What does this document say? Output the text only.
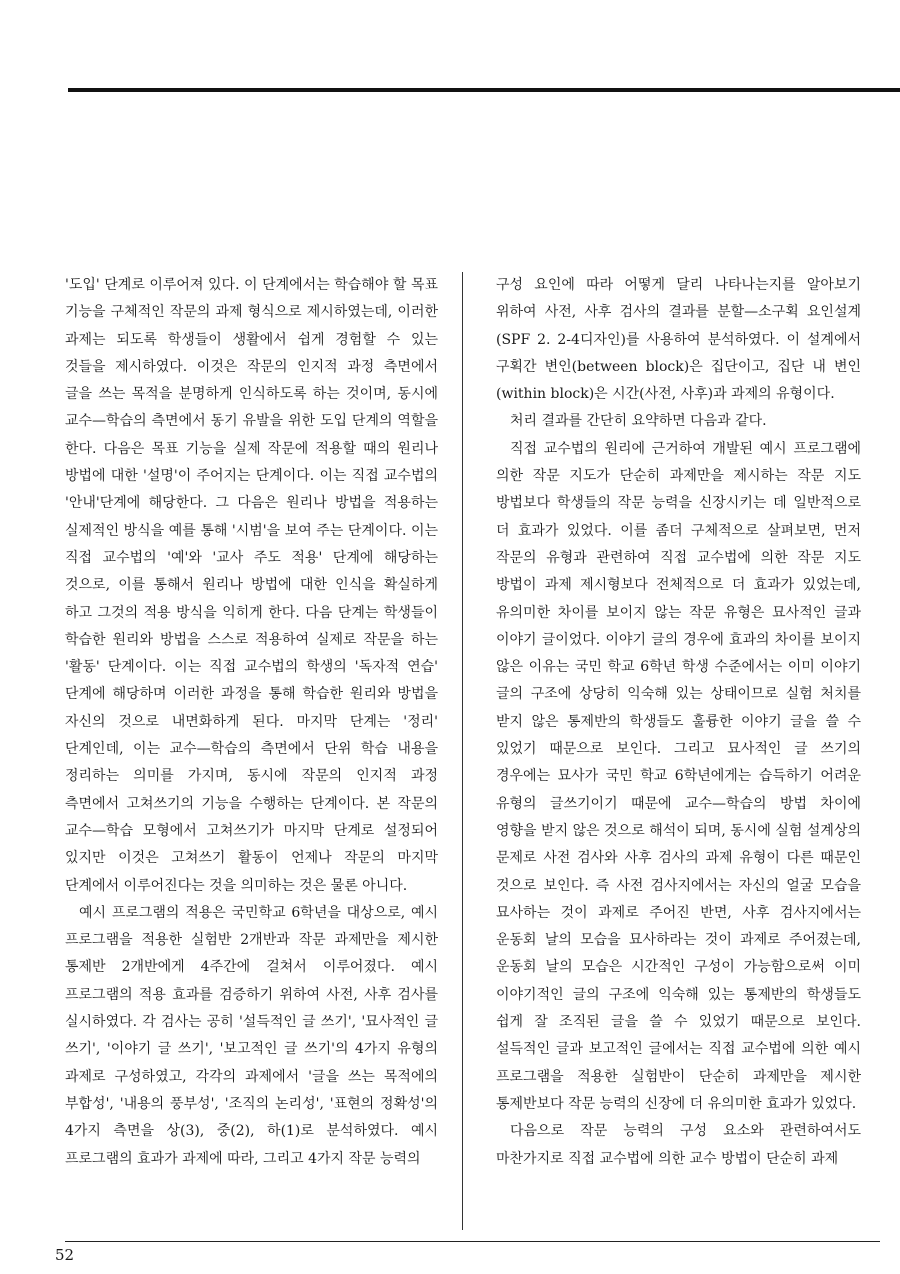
'도입' 단계로 이루어져 있다. 이 단계에서는 학습해야 할 목표 기능을 구체적인 작문의 과제 형식으로 제시하였는데, 이러한 과제는 되도록 학생들이 생활에서 쉽게 경험할 수 있는 것들을 제시하였다. 이것은 작문의 인지적 과정 측면에서 글을 쓰는 목적을 분명하게 인식하도록 하는 것이며, 동시에 교수—학습의 측면에서 동기 유발을 위한 도입 단계의 역할을 한다. 다음은 목표 기능을 실제 작문에 적용할 때의 원리나 방법에 대한 '설명'이 주어지는 단계이다. 이는 직접 교수법의 '안내'단계에 해당한다. 그 다음은 원리나 방법을 적용하는 실제적인 방식을 예를 통해 '시범'을 보여 주는 단계이다. 이는 직접 교수법의 '예'와 '교사 주도 적용' 단계에 해당하는 것으로, 이를 통해서 원리나 방법에 대한 인식을 확실하게 하고 그것의 적용 방식을 익히게 한다. 다음 단계는 학생들이 학습한 원리와 방법을 스스로 적용하여 실제로 작문을 하는 '활동' 단계이다. 이는 직접 교수법의 학생의 '독자적 연습' 단계에 해당하며 이러한 과정을 통해 학습한 원리와 방법을 자신의 것으로 내면화하게 된다. 마지막 단계는 '정리' 단계인데, 이는 교수—학습의 측면에서 단위 학습 내용을 정리하는 의미를 가지며, 동시에 작문의 인지적 과정 측면에서 고쳐쓰기의 기능을 수행하는 단계이다. 본 작문의 교수—학습 모형에서 고쳐쓰기가 마지막 단계로 설정되어 있지만 이것은 고쳐쓰기 활동이 언제나 작문의 마지막 단계에서 이루어진다는 것을 의미하는 것은 물론 아니다.

예시 프로그램의 적용은 국민학교 6학년을 대상으로, 예시 프로그램을 적용한 실험반 2개반과 작문 과제만을 제시한 통제반 2개반에게 4주간에 걸쳐서 이루어졌다. 예시 프로그램의 적용 효과를 검증하기 위하여 사전, 사후 검사를 실시하였다. 각 검사는 공히 '설득적인 글 쓰기', '묘사적인 글 쓰기', '이야기 글 쓰기', '보고적인 글 쓰기'의 4가지 유형의 과제로 구성하였고, 각각의 과제에서 '글을 쓰는 목적에의 부합성', '내용의 풍부성', '조직의 논리성', '표현의 정확성'의 4가지 측면을 상(3), 중(2), 하(1)로 분석하였다. 예시 프로그램의 효과가 과제에 따라, 그리고 4가지 작문 능력의

구성 요인에 따라 어떻게 달리 나타나는지를 알아보기 위하여 사전, 사후 검사의 결과를 분할—소구획 요인설계(SPF 2. 2-4디자인)를 사용하여 분석하였다. 이 설계에서 구획간 변인(between block)은 집단이고, 집단 내 변인(within block)은 시간(사전, 사후)과 과제의 유형이다.

처리 결과를 간단히 요약하면 다음과 같다.

직접 교수법의 원리에 근거하여 개발된 예시 프로그램에 의한 작문 지도가 단순히 과제만을 제시하는 작문 지도 방법보다 학생들의 작문 능력을 신장시키는 데 일반적으로 더 효과가 있었다. 이를 좀더 구체적으로 살펴보면, 먼저 작문의 유형과 관련하여 직접 교수법에 의한 작문 지도 방법이 과제 제시형보다 전체적으로 더 효과가 있었는데, 유의미한 차이를 보이지 않는 작문 유형은 묘사적인 글과 이야기 글이었다. 이야기 글의 경우에 효과의 차이를 보이지 않은 이유는 국민 학교 6학년 학생 수준에서는 이미 이야기 글의 구조에 상당히 익숙해 있는 상태이므로 실험 처치를 받지 않은 통제반의 학생들도 훌륭한 이야기 글을 쓸 수 있었기 때문으로 보인다. 그리고 묘사적인 글 쓰기의 경우에는 묘사가 국민 학교 6학년에게는 습득하기 어려운 유형의 글쓰기이기 때문에 교수—학습의 방법 차이에 영향을 받지 않은 것으로 해석이 되며, 동시에 실험 설계상의 문제로 사전 검사와 사후 검사의 과제 유형이 다른 때문인 것으로 보인다. 즉 사전 검사지에서는 자신의 얼굴 모습을 묘사하는 것이 과제로 주어진 반면, 사후 검사지에서는 운동회 날의 모습을 묘사하라는 것이 과제로 주어졌는데, 운동회 날의 모습은 시간적인 구성이 가능함으로써 이미 이야기적인 글의 구조에 익숙해 있는 통제반의 학생들도 쉽게 잘 조직된 글을 쓸 수 있었기 때문으로 보인다. 설득적인 글과 보고적인 글에서는 직접 교수법에 의한 예시 프로그램을 적용한 실험반이 단순히 과제만을 제시한 통제반보다 작문 능력의 신장에 더 유의미한 효과가 있었다.

다음으로 작문 능력의 구성 요소와 관련하여서도 마찬가지로 직접 교수법에 의한 교수 방법이 단순히 과제

52
